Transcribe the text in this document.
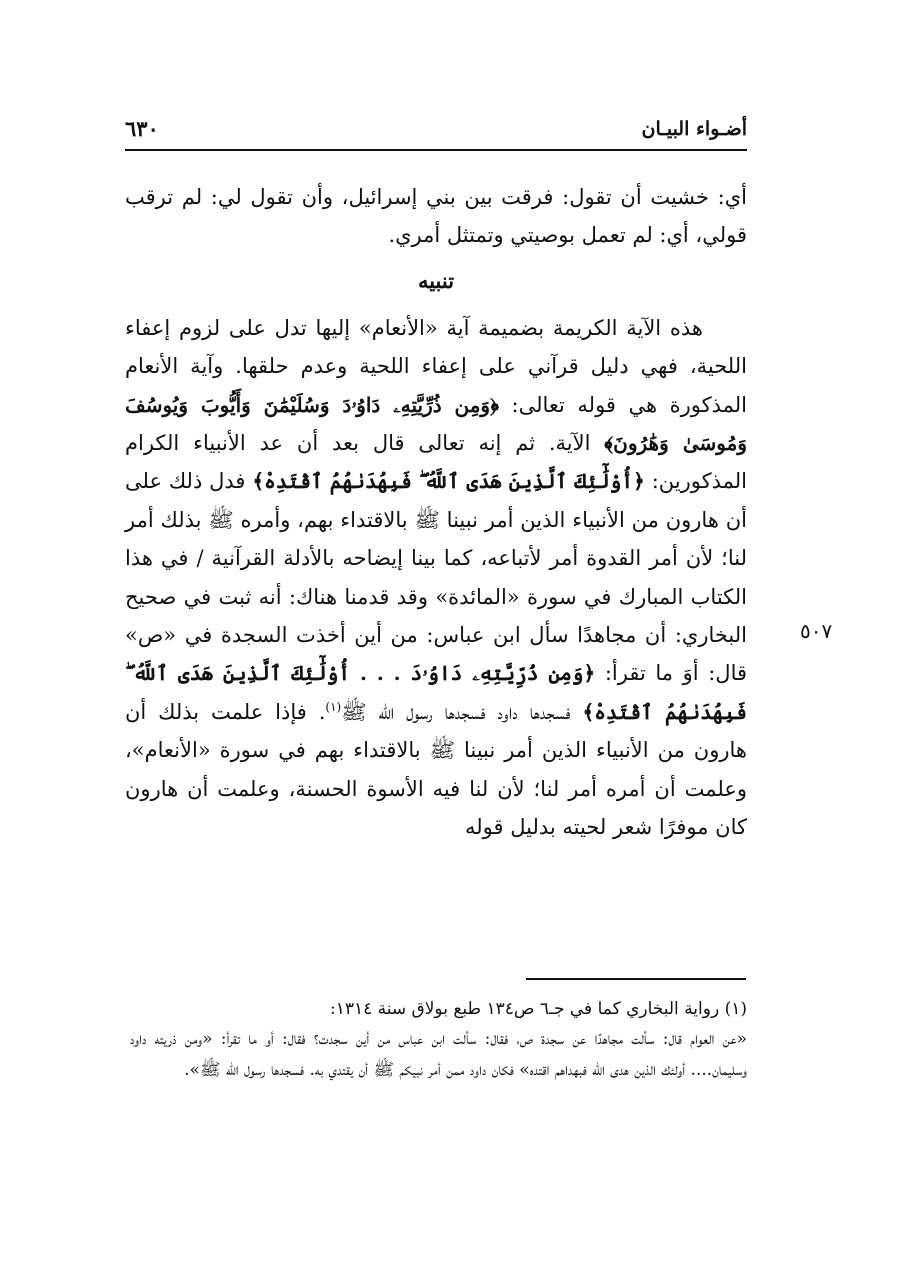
أضـواء البيـان
٦٣٠
٥٠٧

أي: خشيت أن تقول: فرقت بين بني إسرائيل، وأن تقول لي: لم ترقب قولي، أي: لم تعمل بوصيتي وتمتثل أمري.

تنبيه

هذه الآية الكريمة بضميمة آية «الأنعام» إليها تدل على لزوم إعفاء اللحية، فهي دليل قرآني على إعفاء اللحية وعدم حلقها. وآية الأنعام المذكورة هي قوله تعالى: ﴿وَمِن ذُرِّيَّتِهِۦ دَاوُۥدَ وَسُلَيْمَٰنَ وَأَيُّوبَ وَيُوسُفَ وَمُوسَىٰ وَهَٰرُونَ﴾ الآية. ثم إنه تعالى قال بعد أن عد الأنبياء الكرام المذكورين: ﴿أُوْلَٰٓئِكَ ٱلَّذِينَ هَدَى ٱللَّهُ ۖ فَبِهُدَىٰهُمُ ٱقْتَدِهْ﴾ فدل ذلك على أن هارون من الأنبياء الذين أمر نبينا ﷺ بالاقتداء بهم، وأمره ﷺ بذلك أمر لنا؛ لأن أمر القدوة أمر لأتباعه، كما بينا إيضاحه بالأدلة القرآنية / في هذا الكتاب المبارك في سورة «المائدة» وقد قدمنا هناك: أنه ثبت في صحيح البخاري: أن مجاهدًا سأل ابن عباس: من أين أخذت السجدة في «ص» قال: أوَ ما تقرأ: ﴿وَمِن ذُرِّيَّتِهِۦ دَاوُۥدَ . . . أُوْلَٰٓئِكَ ٱلَّذِينَ هَدَى ٱللَّهُ ۖ فَبِهُدَىٰهُمُ ٱقْتَدِهْ﴾ فسجدها داود فسجدها رسول الله ﷺ$^{(١)}$. فإذا علمت بذلك أن هارون من الأنبياء الذين أمر نبينا ﷺ بالاقتداء بهم في سورة «الأنعام»، وعلمت أن أمره أمر لنا؛ لأن لنا فيه الأسوة الحسنة، وعلمت أن هارون كان موفرًا شعر لحيته بدليل قوله

(١) رواية البخاري كما في جـ٦ ص١٣٤ طبع بولاق سنة ١٣١٤:

«عن العوام قال: سألت مجاهدًا عن سجدة ص، فقال: سألت ابن عباس من أين سجدت؟ فقال: أو ما تقرأ: «ومن ذريته داود وسليمان.... أولئك الذين هدى الله فبهداهم اقتده» فكان داود ممن أمر نبيكم ﷺ أن يقتدي به. فسجدها رسول الله ﷺ».
